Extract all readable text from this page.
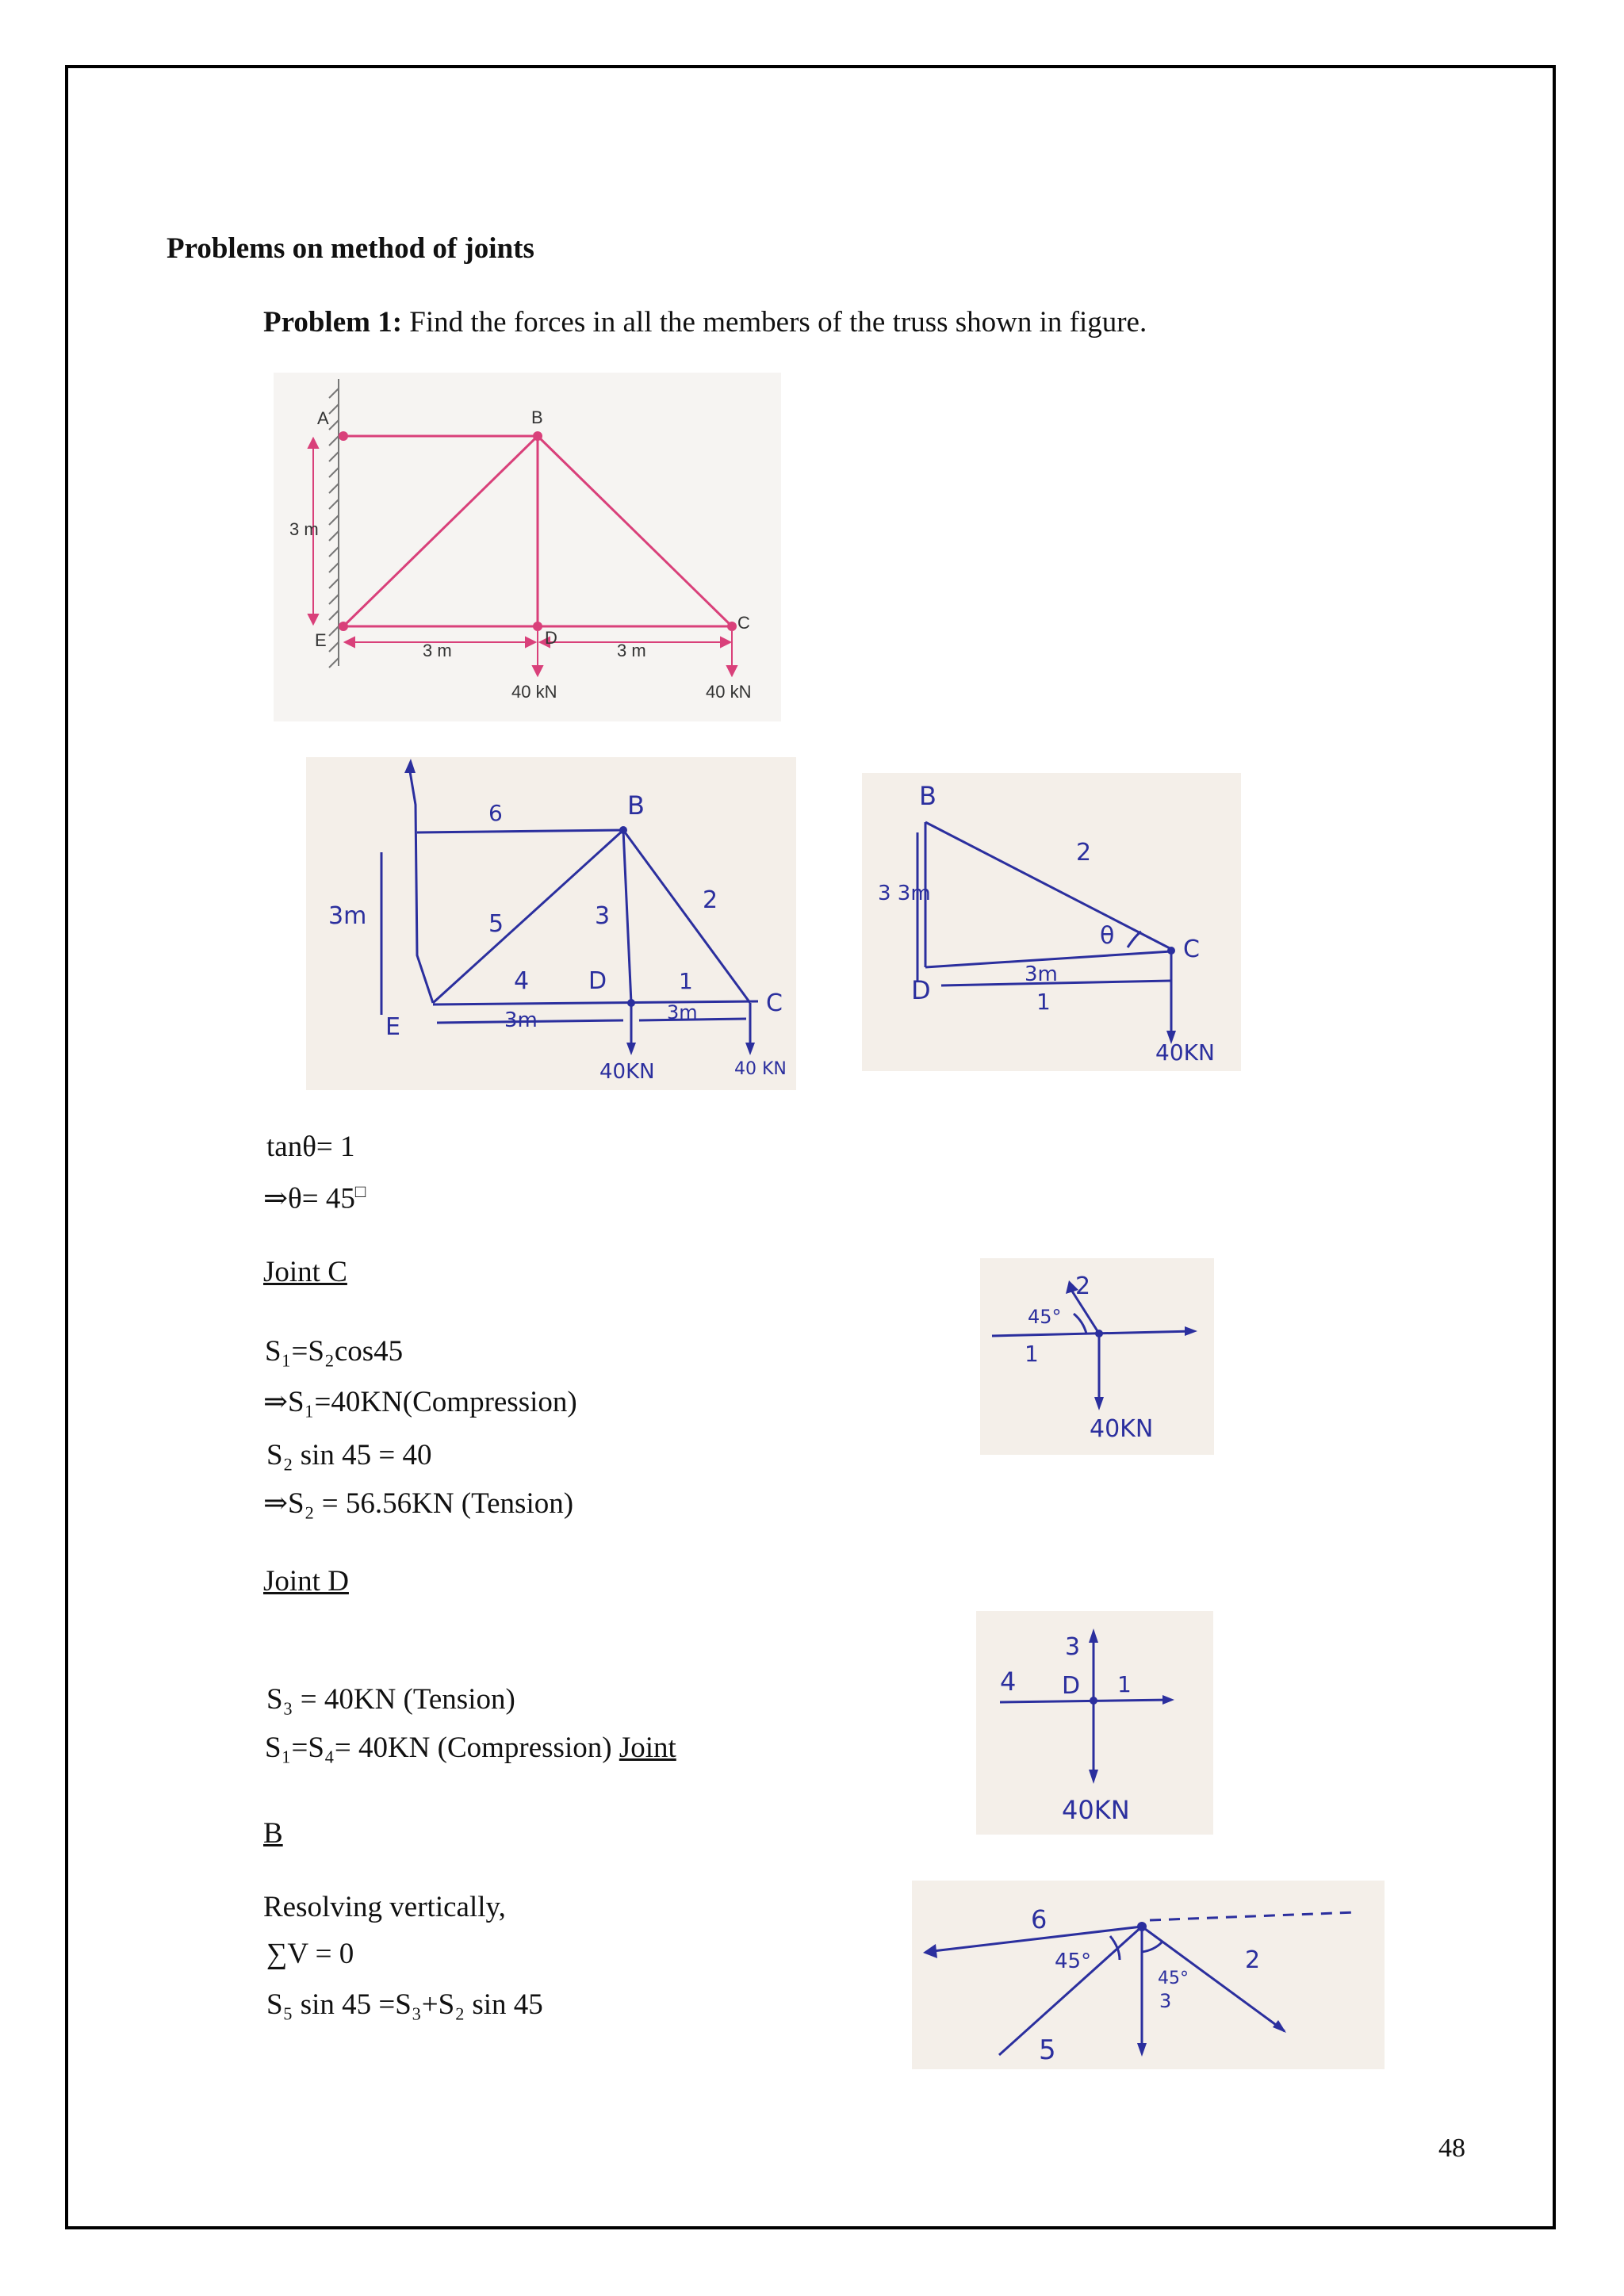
Problems on method of joints
Problem 1: Find the forces in all the members of the truss shown in figure.
A	B
C
D
E
3 m
3 m	3 m
40 kN	40 kN
6	B
3m	5	3
2
4 D	1
E	3m	3m	C
40KN	40 KN
B
2
3 3m
θ	C
3m
D	1
40KN
tanθ= 1
⇒θ= 45□
Joint C
S₁=S₂cos45
⇒S₁=40KN(Compression)
S₂ sin 45 = 40
⇒S₂ = 56.56KN (Tension)
2
45°
1
40KN
Joint D
S₃ = 40KN (Tension)
S₁=S₄= 40KN (Compression) Joint
3
4 D 1
40KN
B
Resolving vertically,
∑V = 0
S₅ sin 45 =S₃+S₂ sin 45
6
45°
45°
2
3
5
48
